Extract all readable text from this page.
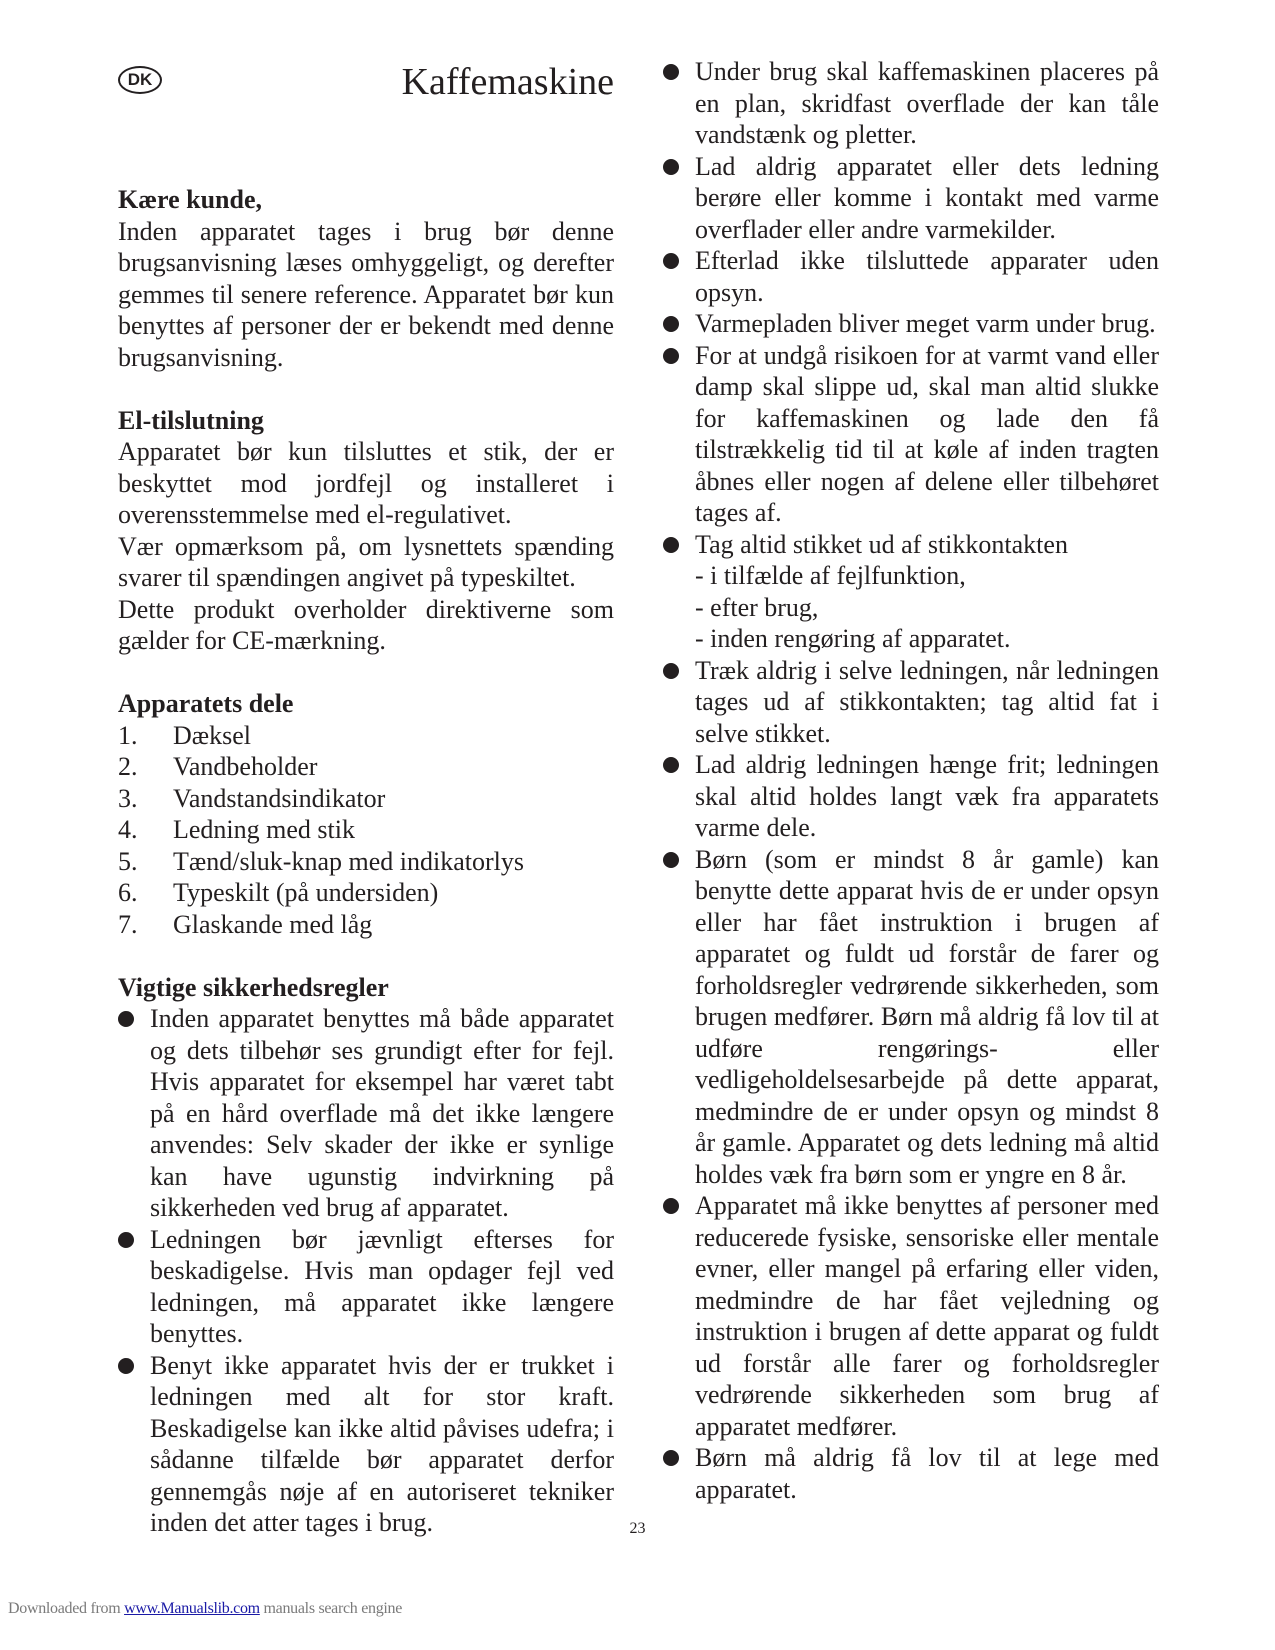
DK	Kaffemaskine
Kære kunde,

Inden apparatet tages i brug bør denne brugsanvisning læses omhyggeligt, og derefter gemmes til senere reference. Apparatet bør kun benyttes af personer der er bekendt med denne brugsanvisning.

El-tilslutning

Apparatet bør kun tilsluttes et stik, der er beskyttet mod jordfejl og installeret i overensstemmelse med el-regulativet.

Vær opmærksom på, om lysnettets spænding svarer til spændingen angivet på typeskiltet.

Dette produkt overholder direktiverne som gælder for CE-mærkning.

Apparatets dele
1.	Dæksel
2.	Vandbeholder
3.	Vandstandsindikator
4.	Ledning med stik
5.	Tænd/sluk-knap med indikatorlys
6.	Typeskilt (på undersiden)
7.	Glaskande med låg
Vigtige sikkerhedsregler
Inden apparatet benyttes må både apparatet og dets tilbehør ses grundigt efter for fejl. Hvis apparatet for eksempel har været tabt på en hård overflade må det ikke længere anvendes: Selv skader der ikke er synlige kan have ugunstig indvirkning på sikkerheden ved brug af apparatet.
Ledningen bør jævnligt efterses for beskadigelse. Hvis man opdager fejl ved ledningen, må apparatet ikke længere benyttes.
Benyt ikke apparatet hvis der er trukket i ledningen med alt for stor kraft. Beskadigelse kan ikke altid påvises udefra; i sådanne tilfælde bør apparatet derfor gennemgås nøje af en autoriseret tekniker inden det atter tages i brug.
Under brug skal kaffemaskinen placeres på en plan, skridfast overflade der kan tåle vandstænk og pletter.
Lad aldrig apparatet eller dets ledning berøre eller komme i kontakt med varme overflader eller andre varmekilder.
Efterlad ikke tilsluttede apparater uden opsyn.
Varmepladen bliver meget varm under brug.
For at undgå risikoen for at varmt vand eller damp skal slippe ud, skal man altid slukke for kaffemaskinen og lade den få tilstrækkelig tid til at køle af inden tragten åbnes eller nogen af delene eller tilbehøret tages af.
Tag altid stikket ud af stikkontakten
- i tilfælde af fejlfunktion,
- efter brug,
- inden rengøring af apparatet.
Træk aldrig i selve ledningen, når ledningen tages ud af stikkontakten; tag altid fat i selve stikket.
Lad aldrig ledningen hænge frit; ledningen skal altid holdes langt væk fra apparatets varme dele.
Børn (som er mindst 8 år gamle) kan benytte dette apparat hvis de er under opsyn eller har fået instruktion i brugen af apparatet og fuldt ud forstår de farer og forholdsregler vedrørende sikkerheden, som brugen medfører. Børn må aldrig få lov til at udføre rengørings- eller vedligeholdelsesarbejde på dette apparat, medmindre de er under opsyn og mindst 8 år gamle. Apparatet og dets ledning må altid holdes væk fra børn som er yngre en 8 år.
Apparatet må ikke benyttes af personer med reducerede fysiske, sensoriske eller mentale evner, eller mangel på erfaring eller viden, medmindre de har fået vejledning og instruktion i brugen af dette apparat og fuldt ud forstår alle farer og forholdsregler vedrørende sikkerheden som brug af apparatet medfører.
Børn må aldrig få lov til at lege med apparatet.
23
Downloaded from www.Manualslib.com manuals search engine
